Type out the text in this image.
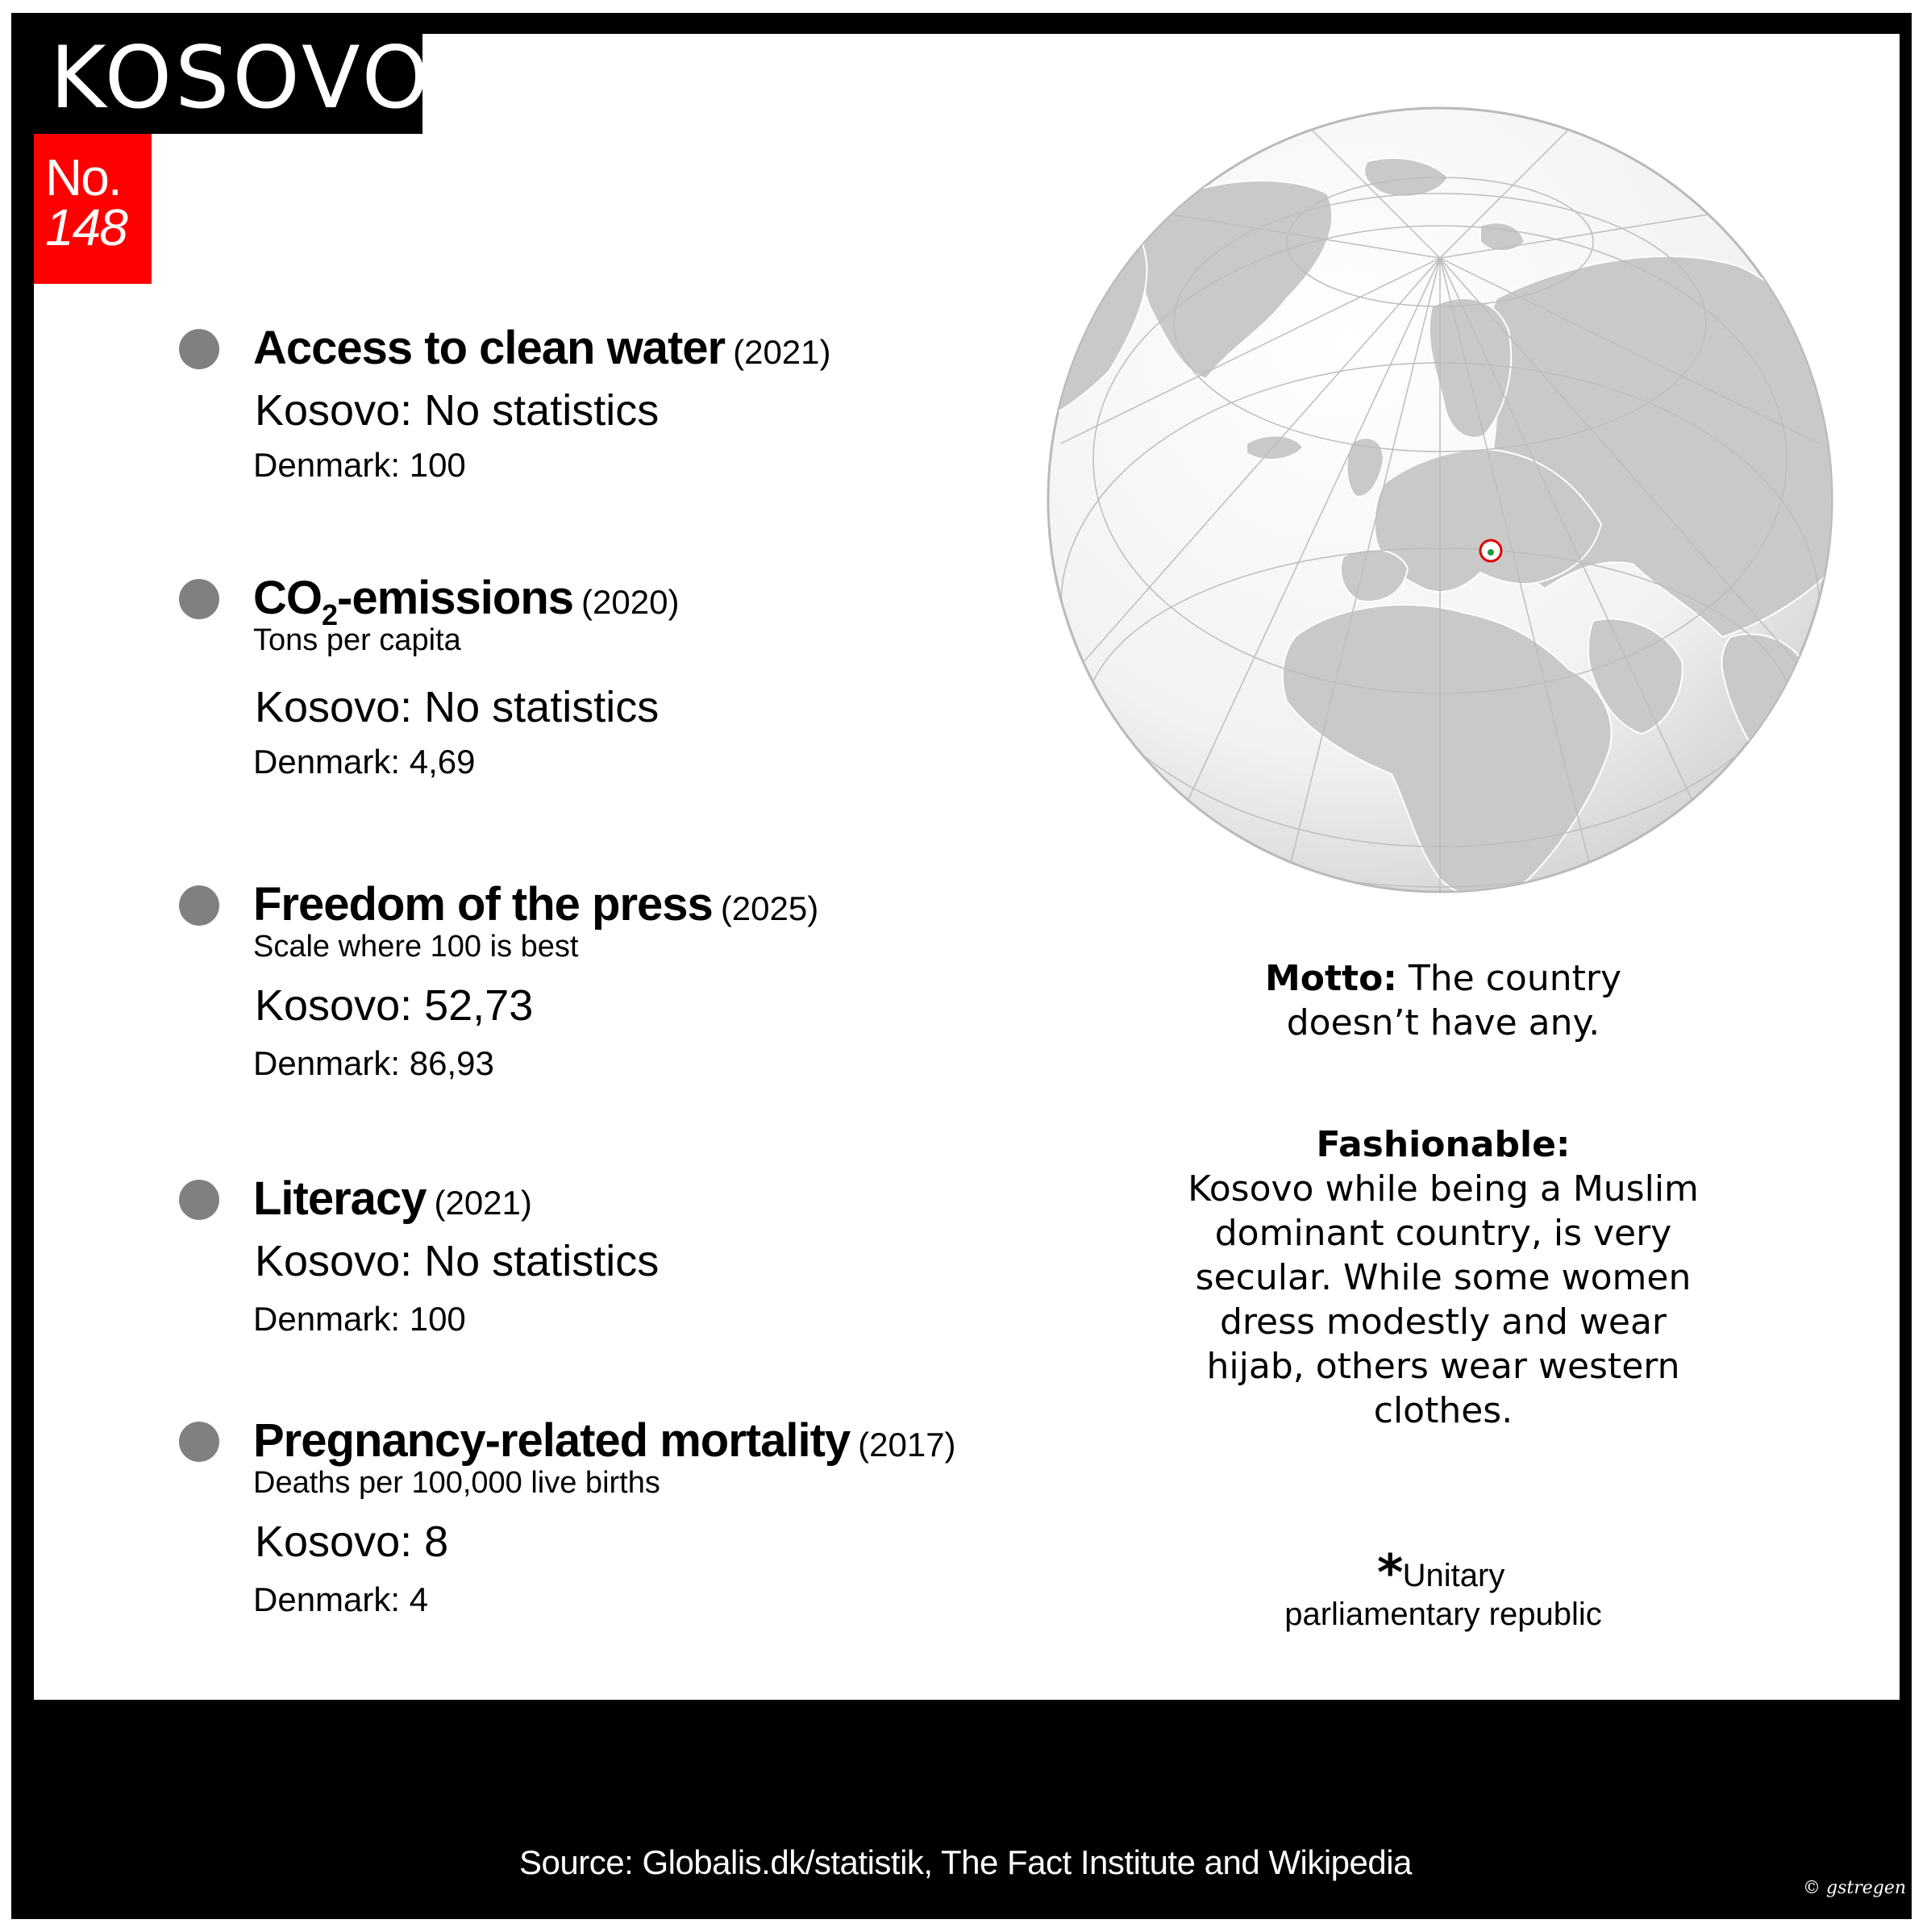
KOSOVO
No.
148
Access to clean water (2021)
Kosovo: No statistics
Denmark: 100
$CO_2$-emissions (2020)
Tons per capita
Kosovo: No statistics
Denmark: 4,69
Freedom of the press (2025)
Scale where 100 is best
Kosovo: 52,73
Denmark: 86,93
Literacy (2021)
Kosovo: No statistics
Denmark: 100
Pregnancy-related mortality (2017)
Deaths per 100,000 live births
Kosovo: 8
Denmark: 4
Motto: The country
doesn’t have any.
Fashionable:
Kosovo while being a Muslim
dominant country, is very
secular. While some women
dress modestly and wear
hijab, others wear western
clothes.
* Unitary
parliamentary republic
Source: Globalis.dk/statistik, The Fact Institute and Wikipedia
© gstregen
